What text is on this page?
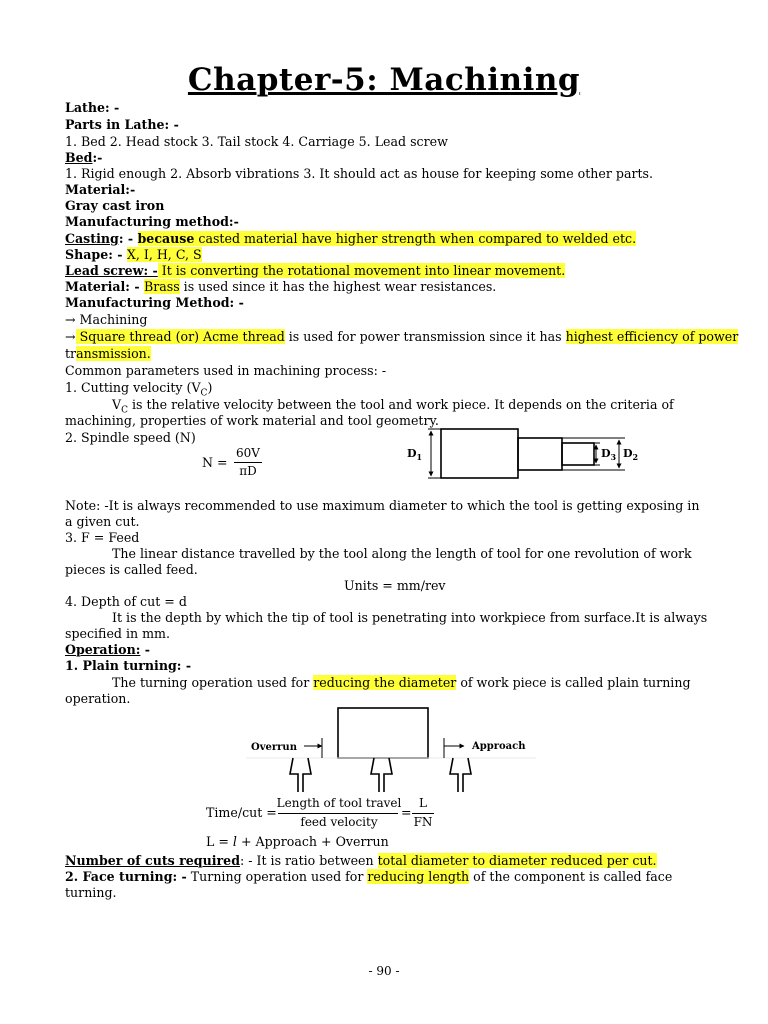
Chapter-5: Machining
Lathe: -
Parts in Lathe: -
1. Bed 2. Head stock 3. Tail stock 4. Carriage 5. Lead screw
Bed:-
1. Rigid enough 2. Absorb vibrations 3. It should act as house for keeping some other parts.
Material:-
Gray cast iron
Manufacturing method:-
Casting: - because casted material have higher strength when compared to welded etc.
Shape: - X, I, H, C, S
Lead screw: - It is converting the rotational movement into linear movement.
Material: - Brass is used since it has the highest wear resistances.
Manufacturing Method: -
→ Machining
→ Square thread (or) Acme thread is used for power transmission since it has highest efficiency of power
transmission.
Common parameters used in machining process: -
1. Cutting velocity $(V_C)$
$V_C$ is the relative velocity between the tool and work piece. It depends on the criteria of
machining, properties of work material and tool geometry.
2. Spindle speed (N)
N =
60V
πD
$D_1$	$D_3$ $D_2$
Note: -It is always recommended to use maximum diameter to which the tool is getting exposing in
a given cut.
3. F = Feed
The linear distance travelled by the tool along the length of tool for one revolution of work
pieces is called feed.
Units = mm/rev
4. Depth of cut = d
It is the depth by which the tip of tool is penetrating into workpiece from surface.It is always
specified in mm.
Operation: -
1. Plain turning: -
The turning operation used for reducing the diameter of work piece is called plain turning
operation.
Overrun	Approach
Time/cut =
Length of tool travel
feed velocity
=
L
FN
L = l + Approach + Overrun
Number of cuts required: - It is ratio between total diameter to diameter reduced per cut.
2. Face turning: - Turning operation used for reducing length of the component is called face
turning.
- 90 -
